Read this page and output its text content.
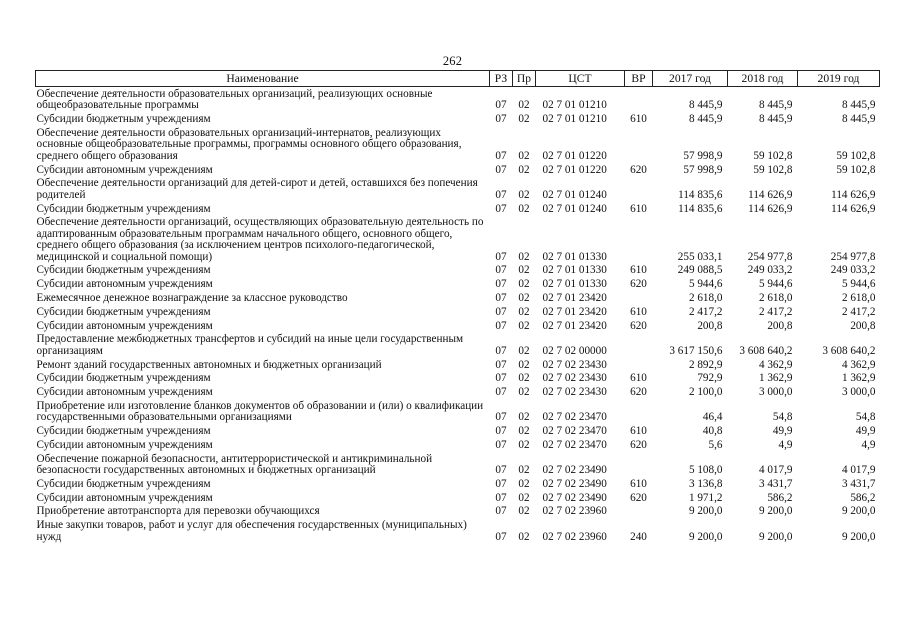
262
Наименование	РЗ	Пр	ЦСТ	ВР	2017 год	2018 год	2019 год
Обеспечение деятельности образовательных организаций, реализующих основные общеобразовательные программы	07	02	02 7 01 01210		8 445,9	8 445,9	8 445,9
Субсидии бюджетным учреждениям	07	02	02 7 01 01210	610	8 445,9	8 445,9	8 445,9
Обеспечение деятельности образовательных организаций-интернатов, реализующих основные общеобразовательные программы, программы основного общего образования, среднего общего образования	07	02	02 7 01 01220		57 998,9	59 102,8	59 102,8
Субсидии автономным учреждениям	07	02	02 7 01 01220	620	57 998,9	59 102,8	59 102,8
Обеспечение деятельности организаций для детей-сирот и детей, оставшихся без попечения родителей	07	02	02 7 01 01240		114 835,6	114 626,9	114 626,9
Субсидии бюджетным учреждениям	07	02	02 7 01 01240	610	114 835,6	114 626,9	114 626,9
Обеспечение деятельности организаций, осуществляющих образовательную деятельность по адаптированным образовательным программам начального общего, основного общего, среднего общего образования (за исключением центров психолого-педагогической, медицинской и социальной помощи)	07	02	02 7 01 01330		255 033,1	254 977,8	254 977,8
Субсидии бюджетным учреждениям	07	02	02 7 01 01330	610	249 088,5	249 033,2	249 033,2
Субсидии автономным учреждениям	07	02	02 7 01 01330	620	5 944,6	5 944,6	5 944,6
Ежемесячное денежное вознаграждение за классное руководство	07	02	02 7 01 23420		2 618,0	2 618,0	2 618,0
Субсидии бюджетным учреждениям	07	02	02 7 01 23420	610	2 417,2	2 417,2	2 417,2
Субсидии автономным учреждениям	07	02	02 7 01 23420	620	200,8	200,8	200,8
Предоставление межбюджетных трансфертов и субсидий на иные цели государственным организациям	07	02	02 7 02 00000		3 617 150,6	3 608 640,2	3 608 640,2
Ремонт зданий государственных автономных и бюджетных организаций	07	02	02 7 02 23430		2 892,9	4 362,9	4 362,9
Субсидии бюджетным учреждениям	07	02	02 7 02 23430	610	792,9	1 362,9	1 362,9
Субсидии автономным учреждениям	07	02	02 7 02 23430	620	2 100,0	3 000,0	3 000,0
Приобретение или изготовление бланков документов об образовании и (или) о квалификации государственными образовательными организациями	07	02	02 7 02 23470		46,4	54,8	54,8
Субсидии бюджетным учреждениям	07	02	02 7 02 23470	610	40,8	49,9	49,9
Субсидии автономным учреждениям	07	02	02 7 02 23470	620	5,6	4,9	4,9
Обеспечение пожарной безопасности, антитеррористической и антикриминальной безопасности государственных автономных и бюджетных организаций	07	02	02 7 02 23490		5 108,0	4 017,9	4 017,9
Субсидии бюджетным учреждениям	07	02	02 7 02 23490	610	3 136,8	3 431,7	3 431,7
Субсидии автономным учреждениям	07	02	02 7 02 23490	620	1 971,2	586,2	586,2
Приобретение автотранспорта для перевозки обучающихся	07	02	02 7 02 23960		9 200,0	9 200,0	9 200,0
Иные закупки товаров, работ и услуг для обеспечения государственных (муниципальных) нужд	07	02	02 7 02 23960	240	9 200,0	9 200,0	9 200,0
